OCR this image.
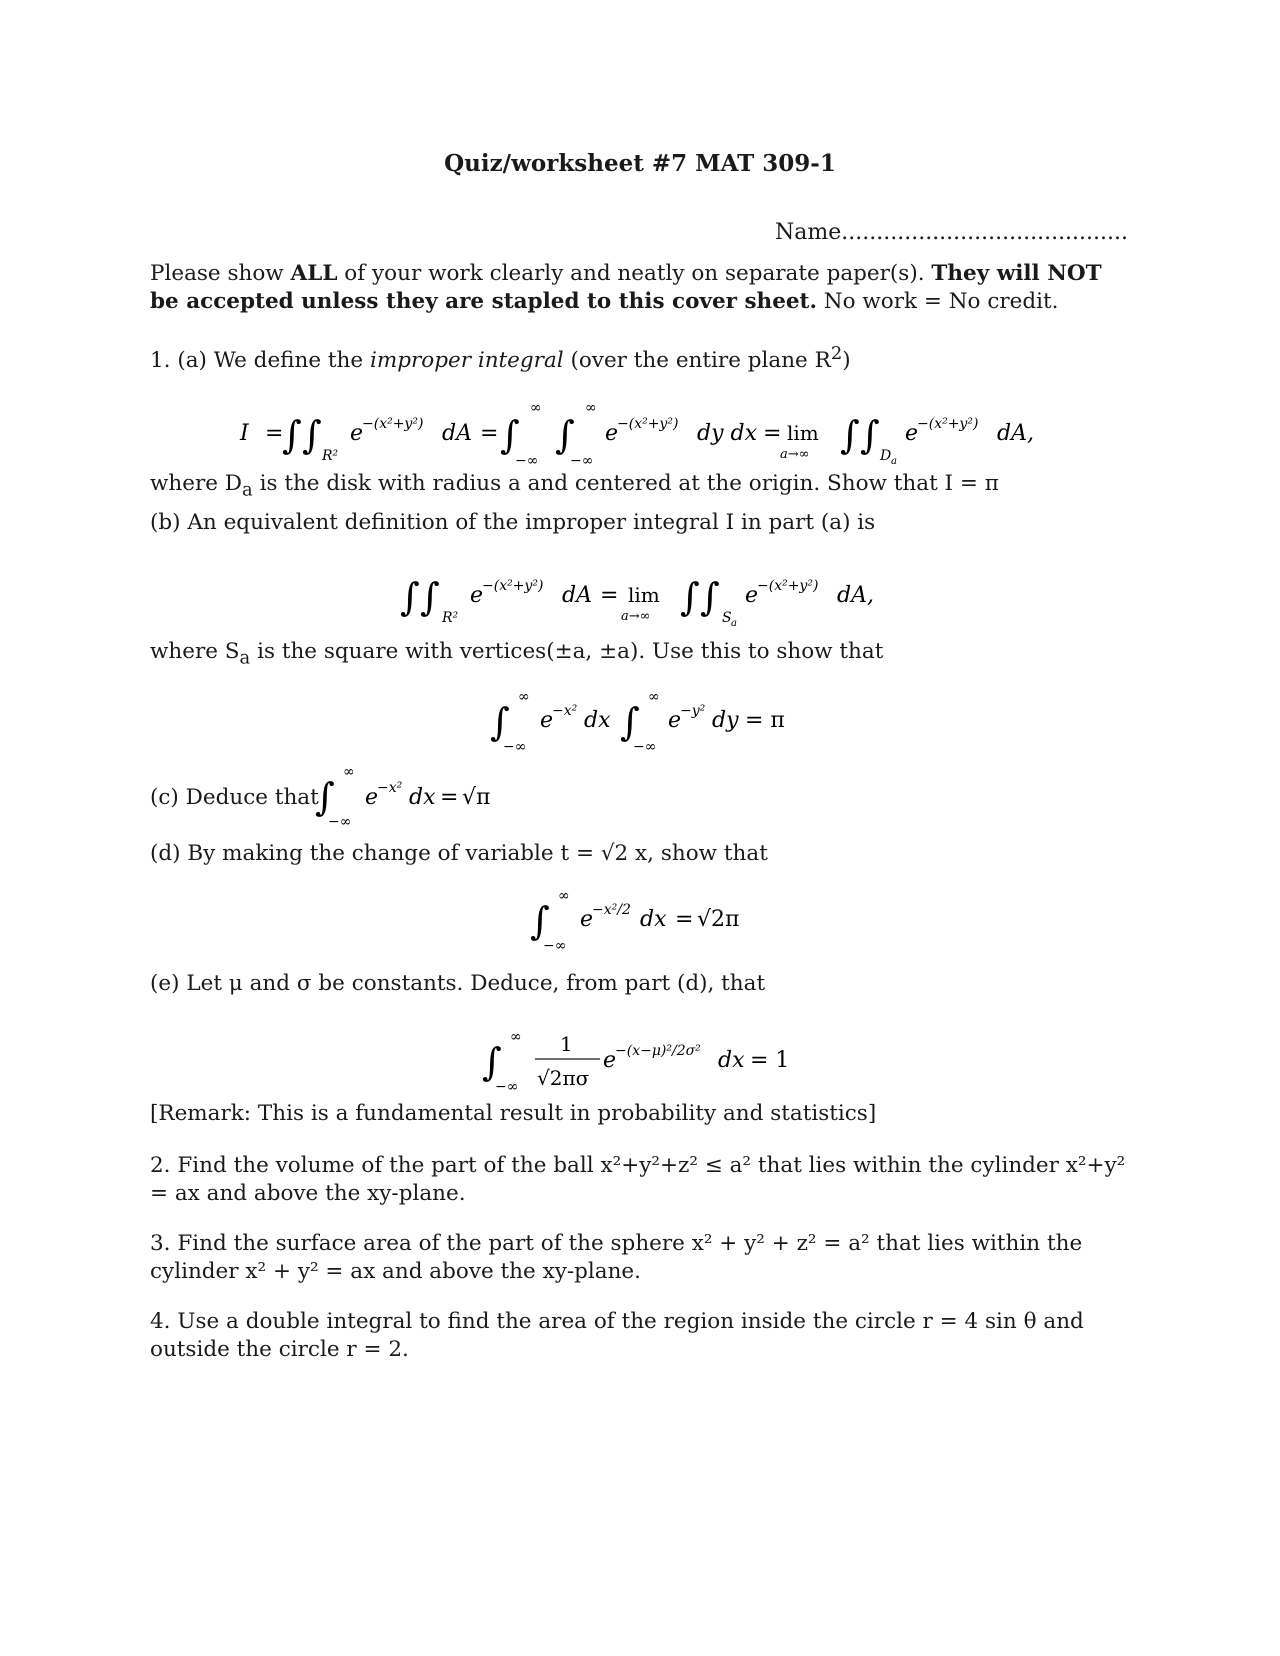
Quiz/worksheet #7 MAT 309-1
Name.........................................
Please show ALL of your work clearly and neatly on separate paper(s). They will NOT be accepted unless they are stapled to this cover sheet. No work = No credit.
1. (a) We define the improper integral (over the entire plane $R^2$)
I =
∫ ∫ R²
e
−(x²+y²) dA = ∫
∞
−∞
∫
∞
−∞
e
−(x²+y²) dy dx = lim
a→∞ ∫ ∫ D a
e
−(x²+y²) dA,
where $D_a$ is the disk with radius a and centered at the origin. Show that I = π
(b) An equivalent definition of the improper integral I in part (a) is
∫ ∫ R²
e
−(x²+y²) dA = lim
a→∞ ∫ ∫ S a
e
−(x²+y²) dA,
where $S_a$ is the square with vertices(±a, ±a). Use this to show that
∫
∞
−∞
e
−x² dx ∫
∞
−∞
e
−y² dy = π
(c) Deduce that
∫
∞
−∞
e
−x² dx = √π
(d) By making the change of variable t = √2 x, show that
∫
∞
−∞
e
−x²/2 dx = √2π
(e) Let μ and σ be constants. Deduce, from part (d), that
∫
∞
−∞
1
√2πσ
e
−(x−μ)²/2σ² dx = 1
[Remark: This is a fundamental result in probability and statistics]
2. Find the volume of the part of the ball x²+y²+z² ≤ a² that lies within the cylinder x²+y² = ax and above the xy-plane.
3. Find the surface area of the part of the sphere x² + y² + z² = a² that lies within the cylinder x² + y² = ax and above the xy-plane.
4. Use a double integral to find the area of the region inside the circle r = 4 sin θ and outside the circle r = 2.
